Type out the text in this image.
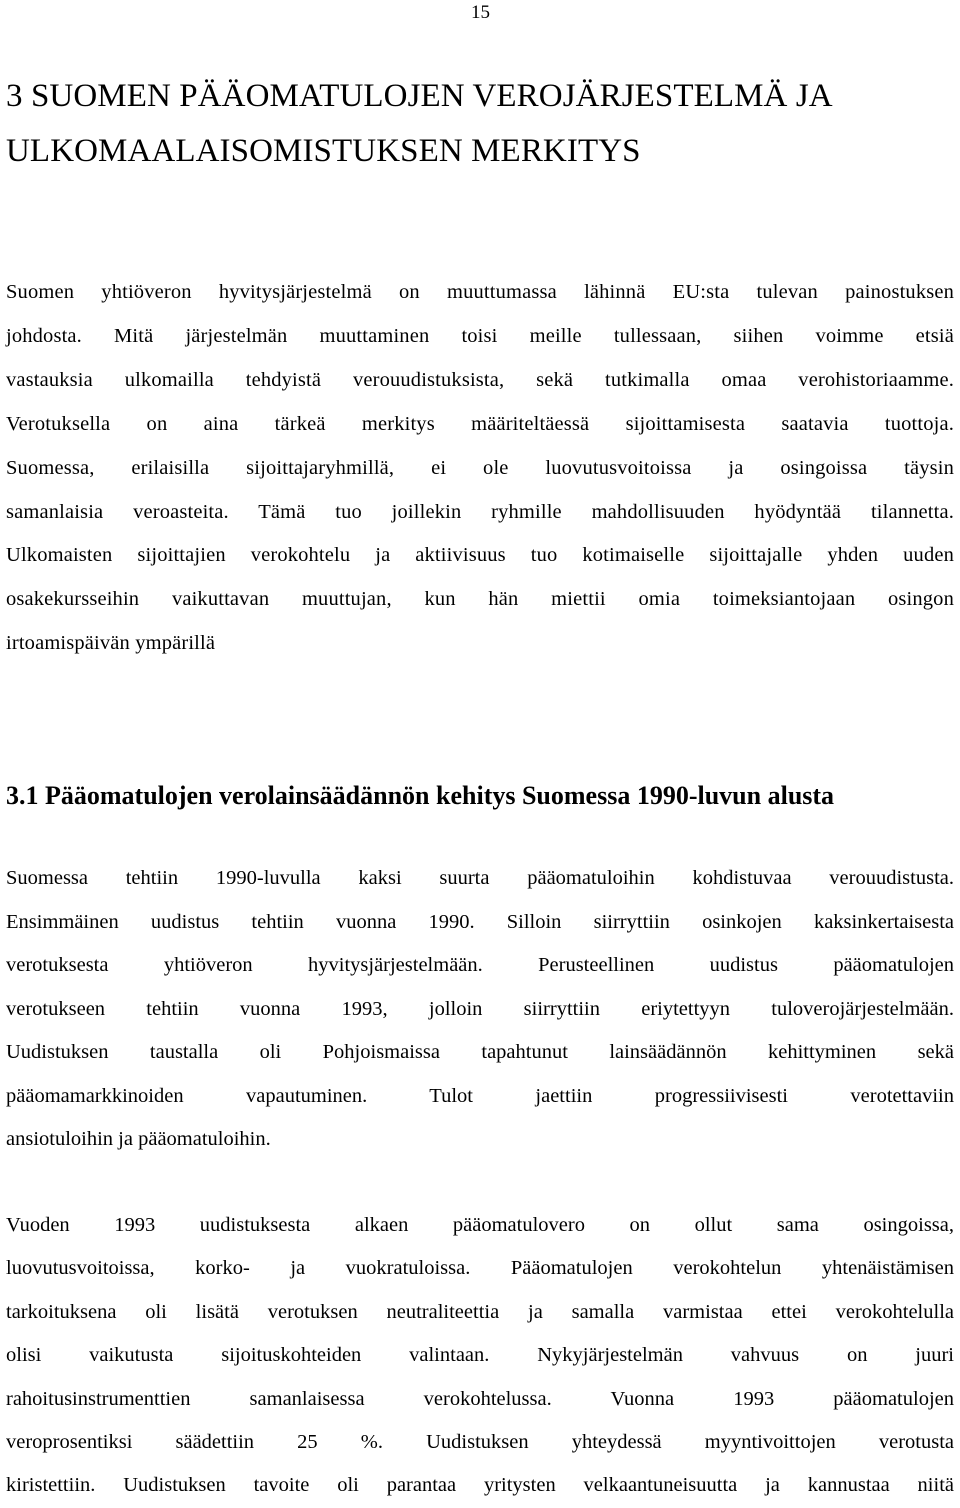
15
3 SUOMEN PÄÄOMATULOJEN VEROJÄRJESTELMÄ JA
ULKOMAALAISOMISTUKSEN MERKITYS

Suomen yhtiöveron hyvitysjärjestelmä on muuttumassa lähinnä EU:sta tulevan painostuksen
johdosta. Mitä järjestelmän muuttaminen toisi meille tullessaan, siihen voimme etsiä
vastauksia ulkomailla tehdyistä verouudistuksista, sekä tutkimalla omaa verohistoriaamme.
Verotuksella on aina tärkeä merkitys määriteltäessä sijoittamisesta saatavia tuottoja.
Suomessa, erilaisilla sijoittajaryhmillä, ei ole luovutusvoitoissa ja osingoissa täysin
samanlaisia veroasteita. Tämä tuo joillekin ryhmille mahdollisuuden hyödyntää tilannetta.
Ulkomaisten sijoittajien verokohtelu ja aktiivisuus tuo kotimaiselle sijoittajalle yhden uuden
osakekursseihin vaikuttavan muuttujan, kun hän miettii omia toimeksiantojaan osingon
irtoamispäivän ympärillä

3.1 Pääomatulojen verolainsäädännön kehitys Suomessa 1990-luvun alusta

Suomessa tehtiin 1990-luvulla kaksi suurta pääomatuloihin kohdistuvaa verouudistusta.
Ensimmäinen uudistus tehtiin vuonna 1990. Silloin siirryttiin osinkojen kaksinkertaisesta
verotuksesta yhtiöveron hyvitysjärjestelmään. Perusteellinen uudistus pääomatulojen
verotukseen tehtiin vuonna 1993, jolloin siirryttiin eriytettyyn tuloverojärjestelmään.
Uudistuksen taustalla oli Pohjoismaissa tapahtunut lainsäädännön kehittyminen sekä
pääomamarkkinoiden vapautuminen. Tulot jaettiin progressiivisesti verotettaviin
ansiotuloihin ja pääomatuloihin.

Vuoden 1993 uudistuksesta alkaen pääomatulovero on ollut sama osingoissa,
luovutusvoitoissa, korko- ja vuokratuloissa. Pääomatulojen verokohtelun yhtenäistämisen
tarkoituksena oli lisätä verotuksen neutraliteettia ja samalla varmistaa ettei verokohtelulla
olisi vaikutusta sijoituskohteiden valintaan. Nykyjärjestelmän vahvuus on juuri
rahoitusinstrumenttien samanlaisessa verokohtelussa. Vuonna 1993 pääomatulojen
veroprosentiksi säädettiin 25 %. Uudistuksen yhteydessä myyntivoittojen verotusta
kiristettiin. Uudistuksen tavoite oli parantaa yritysten velkaantuneisuutta ja kannustaa niitä
